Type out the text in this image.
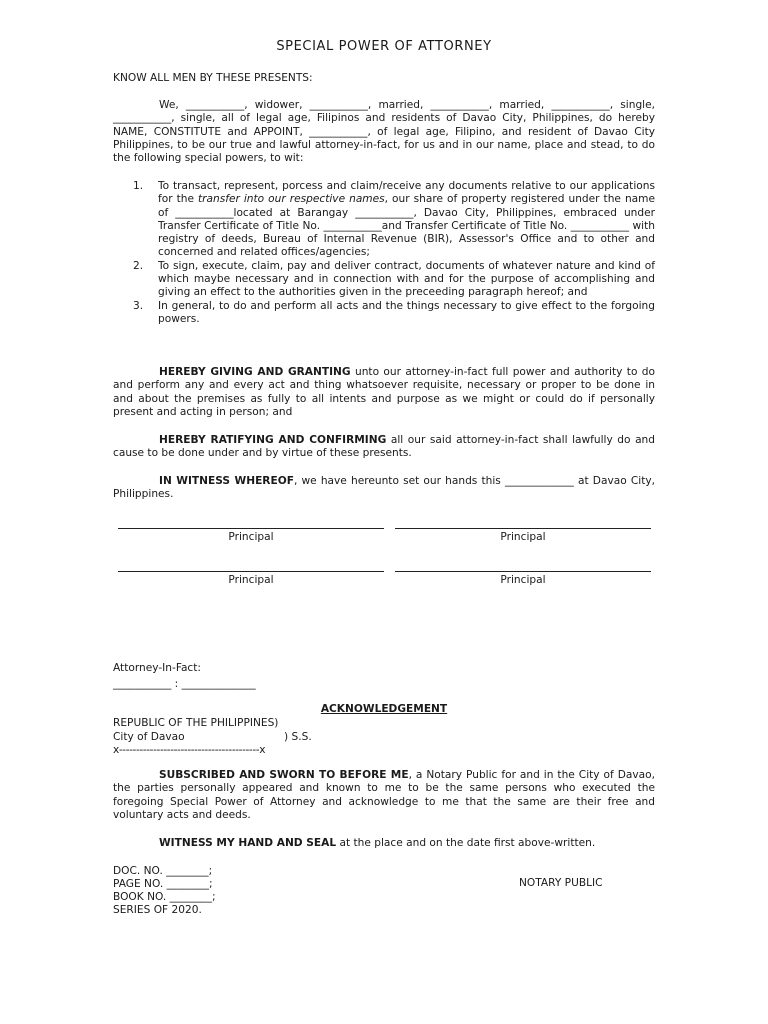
SPECIAL POWER OF ATTORNEY
KNOW ALL MEN BY THESE PRESENTS:
We, ___________, widower, ___________, married, ___________, married, ___________, single, ___________, single, all of legal age, Filipinos and residents of Davao City, Philippines, do hereby NAME, CONSTITUTE and APPOINT, ___________, of legal age, Filipino, and resident of Davao City Philippines, to be our true and lawful attorney-in-fact, for us and in our name, place and stead, to do the following special powers, to wit:
1. To transact, represent, porcess and claim/receive any documents relative to our applications for the transfer into our respective names, our share of property registered under the name of ___________located at Barangay ___________, Davao City, Philippines, embraced under Transfer Certificate of Title No. ___________and Transfer Certificate of Title No. ___________ with registry of deeds, Bureau of Internal Revenue (BIR), Assessor's Office and to other and concerned and related offices/agencies;
2. To sign, execute, claim, pay and deliver contract, documents of whatever nature and kind of which maybe necessary and in connection with and for the purpose of accomplishing and giving an effect to the authorities given in the preceeding paragraph hereof; and
3. In general, to do and perform all acts and the things necessary to give effect to the forgoing powers.
HEREBY GIVING AND GRANTING unto our attorney-in-fact full power and authority to do and perform any and every act and thing whatsoever requisite, necessary or proper to be done in and about the premises as fully to all intents and purpose as we might or could do if personally present and acting in person; and
HEREBY RATIFYING AND CONFIRMING all our said attorney-in-fact shall lawfully do and cause to be done under and by virtue of these presents.
IN WITNESS WHEREOF, we have hereunto set our hands this _____________ at Davao City, Philippines.
Principal	Principal
Principal	Principal
Attorney-In-Fact:
___________ : ______________
ACKNOWLEDGEMENT
REPUBLIC OF THE PHILIPPINES)
City of Davao	) S.S.
x-----------------------------------------x
SUBSCRIBED AND SWORN TO BEFORE ME, a Notary Public for and in the City of Davao, the parties personally appeared and known to me to be the same persons who executed the foregoing Special Power of Attorney and acknowledge to me that the same are their free and voluntary acts and deeds.
WITNESS MY HAND AND SEAL at the place and on the date first above-written.
DOC. NO. ________;
PAGE NO. ________;
BOOK NO. ________;
SERIES OF 2020.
NOTARY PUBLIC
